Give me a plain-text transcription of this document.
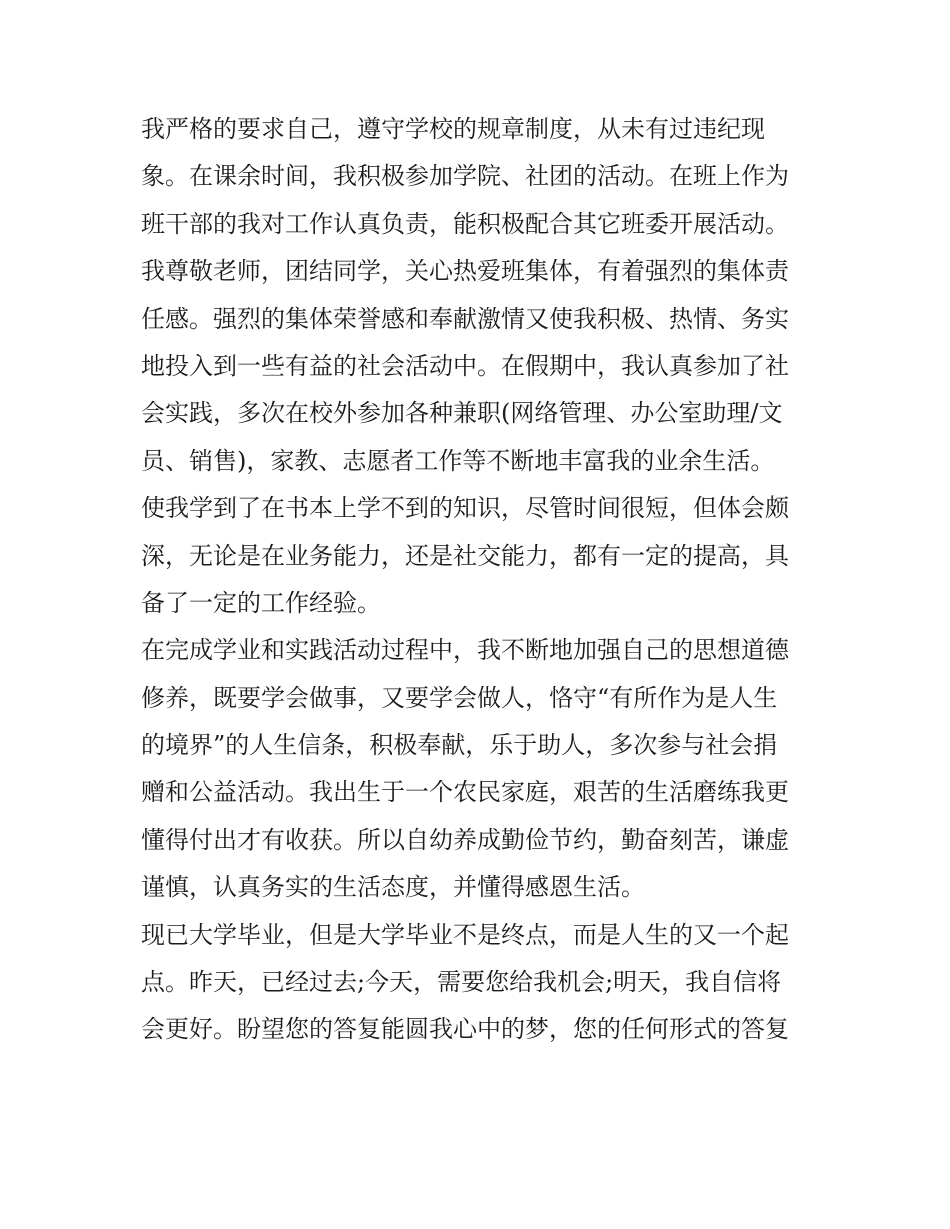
我严格的要求自己，遵守学校的规章制度，从未有过违纪现
象。在课余时间，我积极参加学院、社团的活动。在班上作为
班干部的我对工作认真负责，能积极配合其它班委开展活动。
我尊敬老师，团结同学，关心热爱班集体，有着强烈的集体责
任感。强烈的集体荣誉感和奉献激情又使我积极、热情、务实
地投入到一些有益的社会活动中。在假期中，我认真参加了社
会实践，多次在校外参加各种兼职(网络管理、办公室助理/文
员、销售)，家教、志愿者工作等不断地丰富我的业余生活。
使我学到了在书本上学不到的知识，尽管时间很短，但体会颇
深，无论是在业务能力，还是社交能力，都有一定的提高，具
备了一定的工作经验。
在完成学业和实践活动过程中，我不断地加强自己的思想道德
修养，既要学会做事，又要学会做人，恪守“有所作为是人生
的境界”的人生信条，积极奉献，乐于助人，多次参与社会捐
赠和公益活动。我出生于一个农民家庭，艰苦的生活磨练我更
懂得付出才有收获。所以自幼养成勤俭节约，勤奋刻苦，谦虚
谨慎，认真务实的生活态度，并懂得感恩生活。
现已大学毕业，但是大学毕业不是终点，而是人生的又一个起
点。昨天，已经过去;今天，需要您给我机会;明天，我自信将
会更好。盼望您的答复能圆我心中的梦，您的任何形式的答复
